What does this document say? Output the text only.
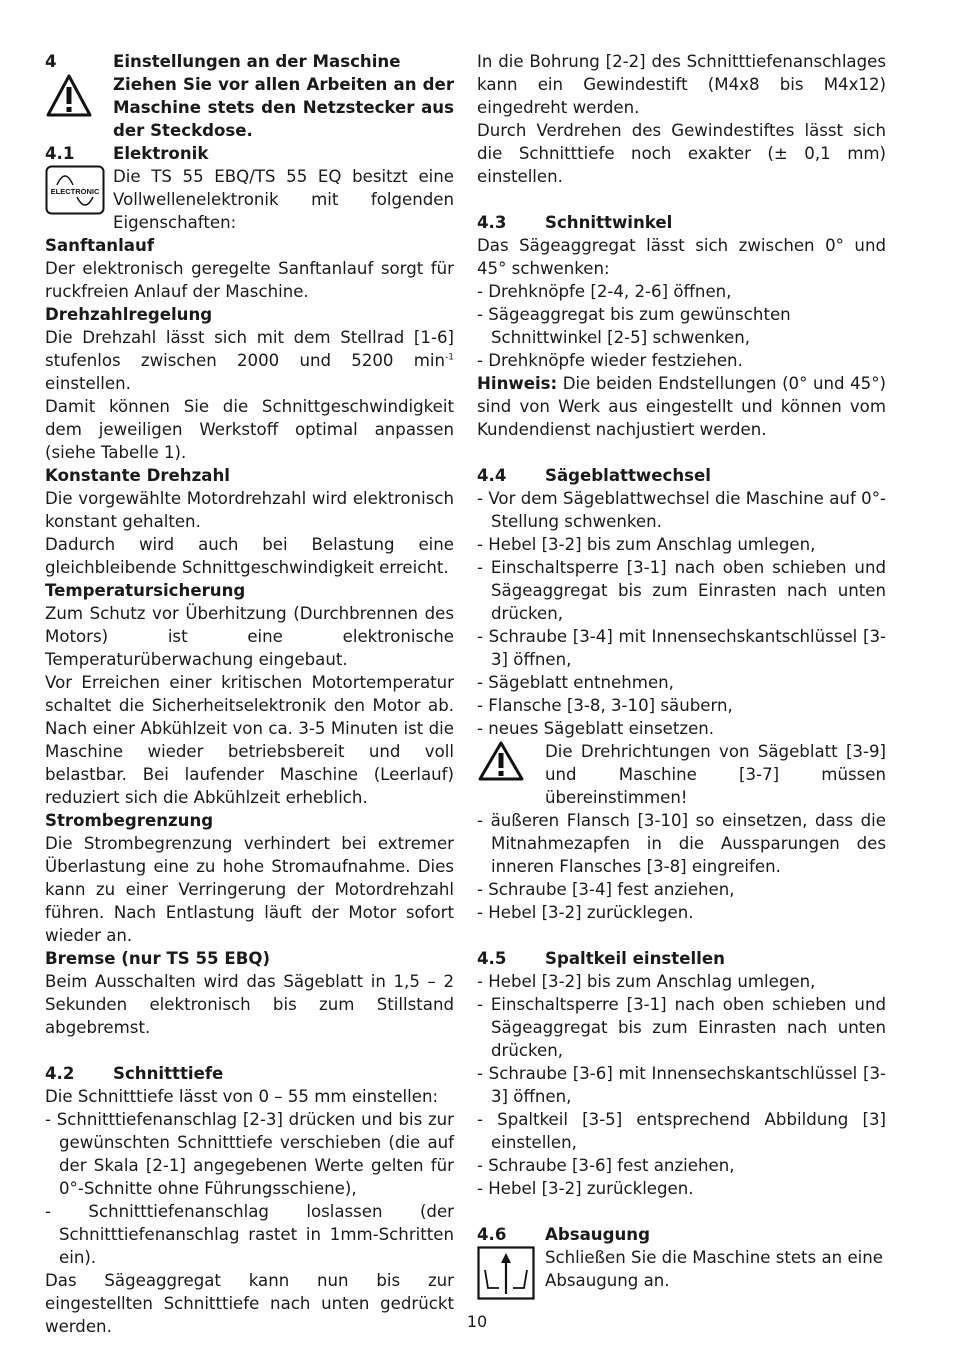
4	Einstellungen an der Maschine

Ziehen Sie vor allen Arbeiten an der Maschine stets den Netzstecker aus der Steckdose.

4.1	Elektronik
ELECTRONIC

Die TS 55 EBQ/TS 55 EQ besitzt eine Vollwellenelektronik mit folgenden Eigenschaften:

Sanftanlauf

Der elektronisch geregelte Sanftanlauf sorgt für ruckfreien Anlauf der Maschine.

Drehzahlregelung

Die Drehzahl lässt sich mit dem Stellrad [1-6] stufenlos zwischen 2000 und 5200 $\min^{-1}$ einstellen.

Damit können Sie die Schnittgeschwindigkeit dem jeweiligen Werkstoff optimal anpassen (siehe Tabelle 1).

Konstante Drehzahl

Die vorgewählte Motordrehzahl wird elektronisch konstant gehalten.

Dadurch wird auch bei Belastung eine gleichbleibende Schnittgeschwindigkeit erreicht.

Temperatursicherung

Zum Schutz vor Überhitzung (Durchbrennen des Motors) ist eine elektronische Temperaturüberwachung eingebaut.

Vor Erreichen einer kritischen Motortemperatur schaltet die Sicherheitselektronik den Motor ab. Nach einer Abkühlzeit von ca. 3-5 Minuten ist die Maschine wieder betriebsbereit und voll belastbar. Bei laufender Maschine (Leerlauf) reduziert sich die Abkühlzeit erheblich.

Strombegrenzung

Die Strombegrenzung verhindert bei extremer Überlastung eine zu hohe Stromaufnahme. Dies kann zu einer Verringerung der Motordrehzahl führen. Nach Entlastung läuft der Motor sofort wieder an.

Bremse (nur TS 55 EBQ)

Beim Ausschalten wird das Sägeblatt in 1,5 – 2 Sekunden elektronisch bis zum Stillstand abgebremst.

4.2	Schnitttiefe

Die Schnitttiefe lässt von 0 – 55 mm einstellen:

- Schnitttiefenanschlag [2-3] drücken und bis zur gewünschten Schnitttiefe verschieben (die auf der Skala [2-1] angegebenen Werte gelten für 0°-Schnitte ohne Führungsschiene),

- Schnitttiefenanschlag loslassen (der Schnitttiefenanschlag rastet in 1mm-Schritten ein).

Das Sägeaggregat kann nun bis zur eingestellten Schnitttiefe nach unten gedrückt werden.

In die Bohrung [2-2] des Schnitttiefenanschlages kann ein Gewindestift (M4x8 bis M4x12) eingedreht werden.

Durch Verdrehen des Gewindestiftes lässt sich die Schnitttiefe noch exakter (± 0,1 mm) einstellen.

4.3	Schnittwinkel

Das Sägeaggregat lässt sich zwischen 0° und 45° schwenken:

- Drehknöpfe [2-4, 2-6] öffnen,

- Sägeaggregat bis zum gewünschten Schnittwinkel [2-5] schwenken,

- Drehknöpfe wieder festziehen.

Hinweis: Die beiden Endstellungen (0° und 45°) sind von Werk aus eingestellt und können vom Kundendienst nachjustiert werden.

4.4	Sägeblattwechsel

- Vor dem Sägeblattwechsel die Maschine auf 0°-Stellung schwenken.

- Hebel [3-2] bis zum Anschlag umlegen,

- Einschaltsperre [3-1] nach oben schieben und Sägeaggregat bis zum Einrasten nach unten drücken,

- Schraube [3-4] mit Innensechskantschlüssel [3-3] öffnen,

- Sägeblatt entnehmen,

- Flansche [3-8, 3-10] säubern,

- neues Sägeblatt einsetzen.

Die Drehrichtungen von Sägeblatt [3-9] und Maschine [3-7] müssen übereinstimmen!

- äußeren Flansch [3-10] so einsetzen, dass die Mitnahmezapfen in die Aussparungen des inneren Flansches [3-8] eingreifen.

- Schraube [3-4] fest anziehen,

- Hebel [3-2] zurücklegen.

4.5	Spaltkeil einstellen

- Hebel [3-2] bis zum Anschlag umlegen,

- Einschaltsperre [3-1] nach oben schieben und Sägeaggregat bis zum Einrasten nach unten drücken,

- Schraube [3-6] mit Innensechskantschlüssel [3-3] öffnen,

- Spaltkeil [3-5] entsprechend Abbildung [3] einstellen,

- Schraube [3-6] fest anziehen,

- Hebel [3-2] zurücklegen.

4.6	Absaugung

Schließen Sie die Maschine stets an eine Absaugung an.

10
